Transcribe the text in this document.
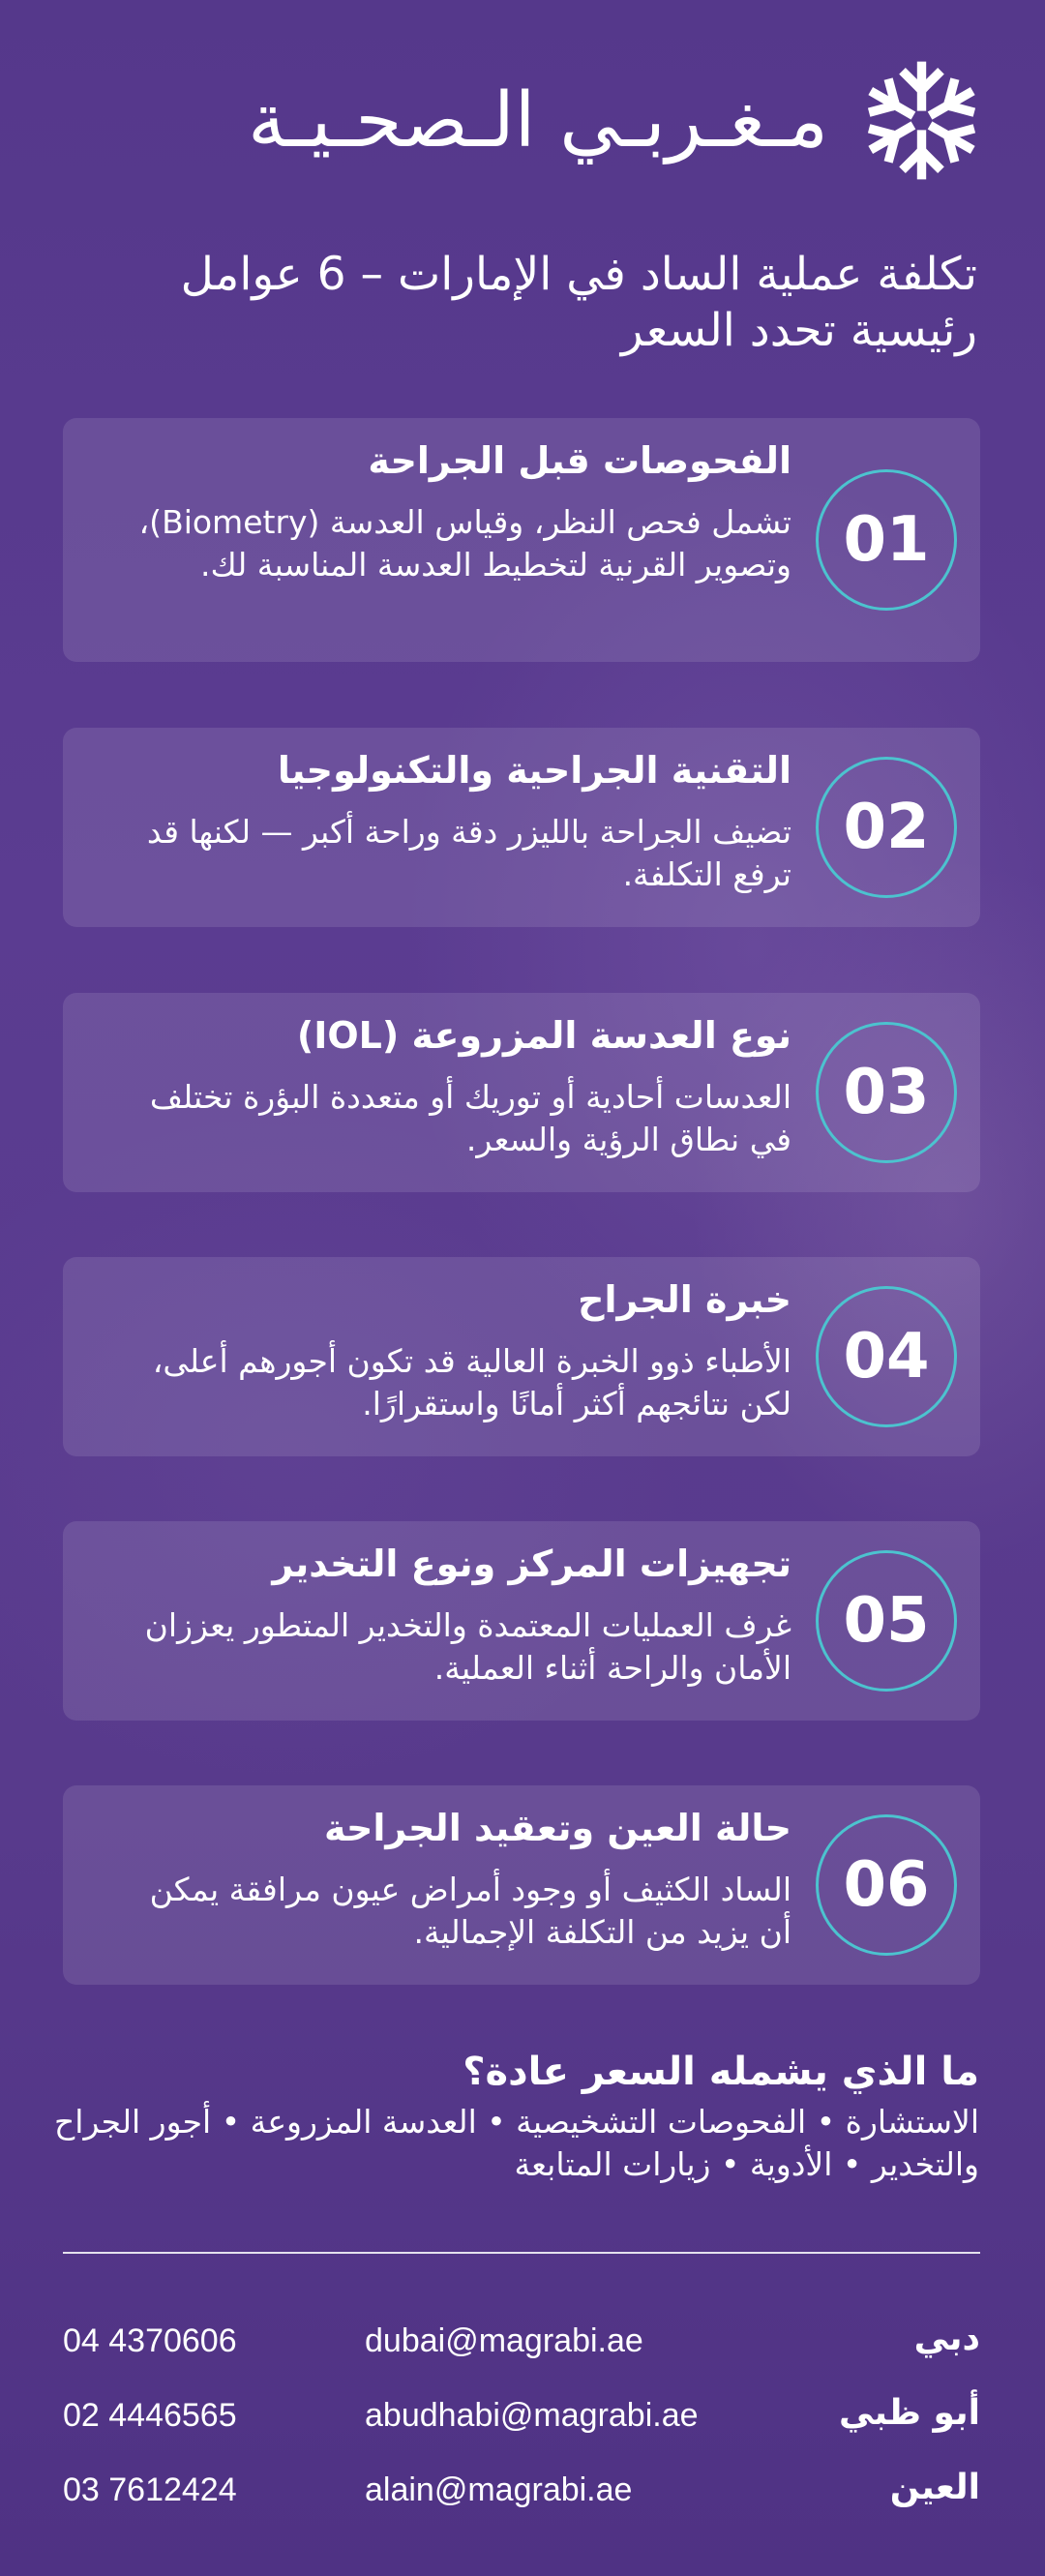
مـغـربـي الـصحـيـة
تكلفة عملية الساد في الإمارات – 6 عوامل رئيسية تحدد السعر
01
الفحوصات قبل الجراحة
تشمل فحص النظر، وقياس العدسة (Biometry)، وتصوير القرنية لتخطيط العدسة المناسبة لك.
02
التقنية الجراحية والتكنولوجيا
تضيف الجراحة بالليزر دقة وراحة أكبر — لكنها قد ترفع التكلفة.
03
نوع العدسة المزروعة (IOL)
العدسات أحادية أو توريك أو متعددة البؤرة تختلف في نطاق الرؤية والسعر.
04
خبرة الجراح
الأطباء ذوو الخبرة العالية قد تكون أجورهم أعلى، لكن نتائجهم أكثر أمانًا واستقرارًا.
05
تجهيزات المركز ونوع التخدير
غرف العمليات المعتمدة والتخدير المتطور يعززان الأمان والراحة أثناء العملية.
06
حالة العين وتعقيد الجراحة
الساد الكثيف أو وجود أمراض عيون مرافقة يمكن أن يزيد من التكلفة الإجمالية.
ما الذي يشمله السعر عادة؟
الاستشارة • الفحوصات التشخيصية • العدسة المزروعة • أجور الجراح والتخدير • الأدوية • زيارات المتابعة
دبي
dubai@magrabi.ae
04 4370606
أبو ظبي
abudhabi@magrabi.ae
02 4446565
العين
alain@magrabi.ae
03 7612424
